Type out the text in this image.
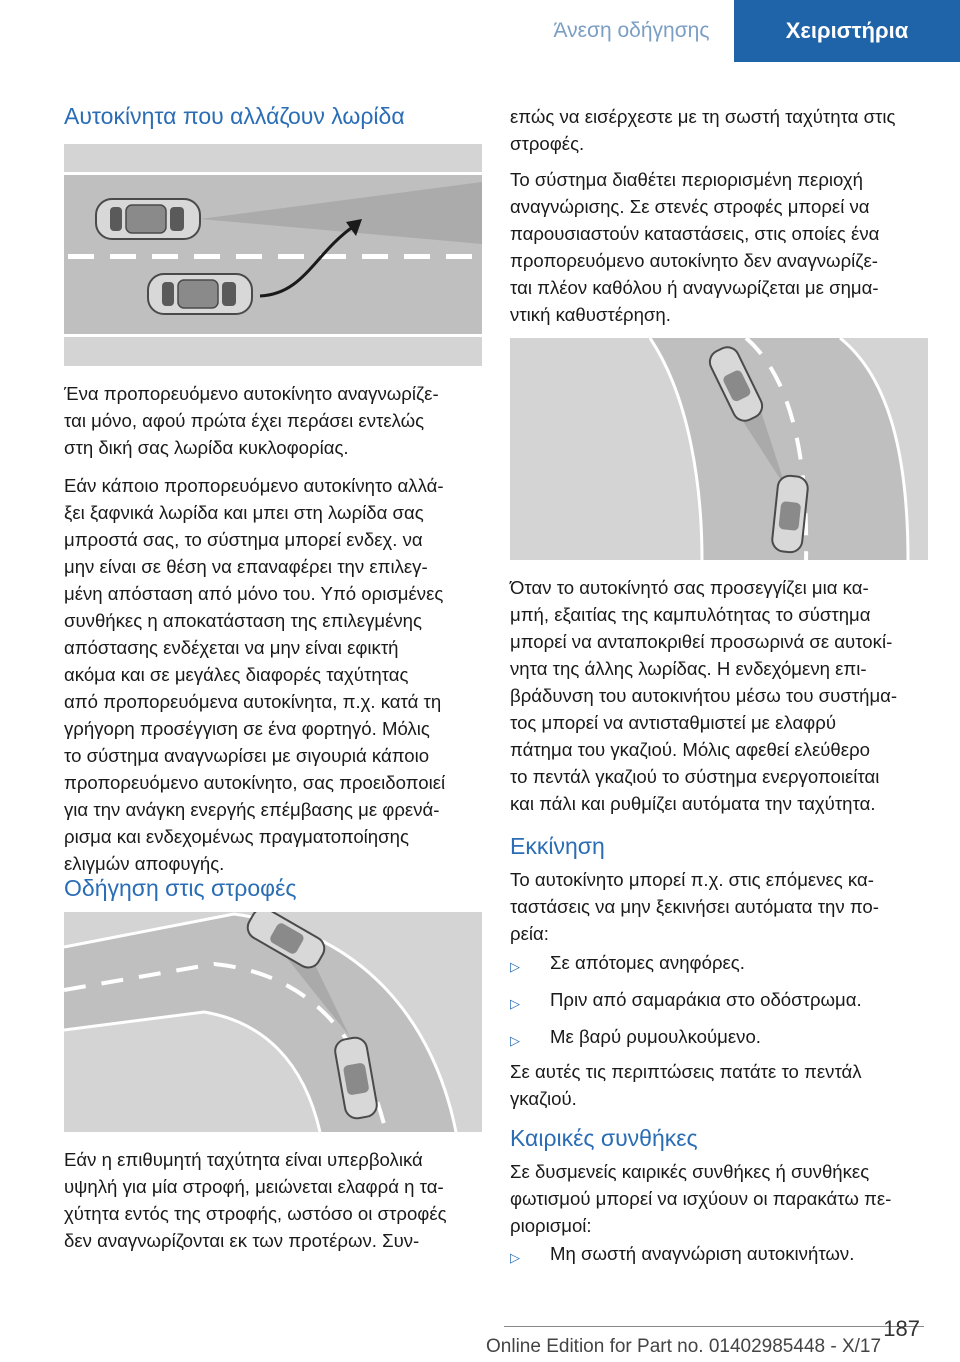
Άνεση οδήγησης	Χειριστήρια
Αυτοκίνητα που αλλάζουν λωρίδα

Ένα προπορευόμενο αυτοκίνητο αναγνωρίζε-

ται μόνο, αφού πρώτα έχει περάσει εντελώς

στη δική σας λωρίδα κυκλοφορίας.

Εάν κάποιο προπορευόμενο αυτοκίνητο αλλά-

ξει ξαφνικά λωρίδα και μπει στη λωρίδα σας

μπροστά σας, το σύστημα μπορεί ενδεχ. να

μην είναι σε θέση να επαναφέρει την επιλεγ-

μένη απόσταση από μόνο του. Υπό ορισμένες

συνθήκες η αποκατάσταση της επιλεγμένης

απόστασης ενδέχεται να μην είναι εφικτή

ακόμα και σε μεγάλες διαφορές ταχύτητας

από προπορευόμενα αυτοκίνητα, π.χ. κατά τη

γρήγορη προσέγγιση σε ένα φορτηγό. Μόλις

το σύστημα αναγνωρίσει με σιγουριά κάποιο

προπορευόμενο αυτοκίνητο, σας προειδοποιεί

για την ανάγκη ενεργής επέμβασης με φρενά-

ρισμα και ενδεχομένως πραγματοποίησης

ελιγμών αποφυγής.

Οδήγηση στις στροφές

Εάν η επιθυμητή ταχύτητα είναι υπερβολικά

υψηλή για μία στροφή, μειώνεται ελαφρά η τα-

χύτητα εντός της στροφής, ωστόσο οι στροφές

δεν αναγνωρίζονται εκ των προτέρων. Συν-

επώς να εισέρχεστε με τη σωστή ταχύτητα στις

στροφές.

Το σύστημα διαθέτει περιορισμένη περιοχή

αναγνώρισης. Σε στενές στροφές μπορεί να

παρουσιαστούν καταστάσεις, στις οποίες ένα

προπορευόμενο αυτοκίνητο δεν αναγνωρίζε-

ται πλέον καθόλου ή αναγνωρίζεται με σημα-

ντική καθυστέρηση.

Όταν το αυτοκίνητό σας προσεγγίζει μια κα-

μπή, εξαιτίας της καμπυλότητας το σύστημα

μπορεί να ανταποκριθεί προσωρινά σε αυτοκί-

νητα της άλλης λωρίδας. Η ενδεχόμενη επι-

βράδυνση του αυτοκινήτου μέσω του συστήμα-

τος μπορεί να αντισταθμιστεί με ελαφρύ

πάτημα του γκαζιού. Μόλις αφεθεί ελεύθερο

το πεντάλ γκαζιού το σύστημα ενεργοποιείται

και πάλι και ρυθμίζει αυτόματα την ταχύτητα.

Εκκίνηση

Το αυτοκίνητο μπορεί π.χ. στις επόμενες κα-

ταστάσεις να μην ξεκινήσει αυτόματα την πο-

ρεία:

▷	Σε απότομες ανηφόρες.
▷	Πριν από σαμαράκια στο οδόστρωμα.
▷	Με βαρύ ρυμουλκούμενο.

Σε αυτές τις περιπτώσεις πατάτε το πεντάλ

γκαζιού.

Καιρικές συνθήκες

Σε δυσμενείς καιρικές συνθήκες ή συνθήκες

φωτισμού μπορεί να ισχύουν οι παρακάτω πε-

ριορισμοί:

▷	Μη σωστή αναγνώριση αυτοκινήτων.
187
Online Edition for Part no. 01402985448 - X/17
